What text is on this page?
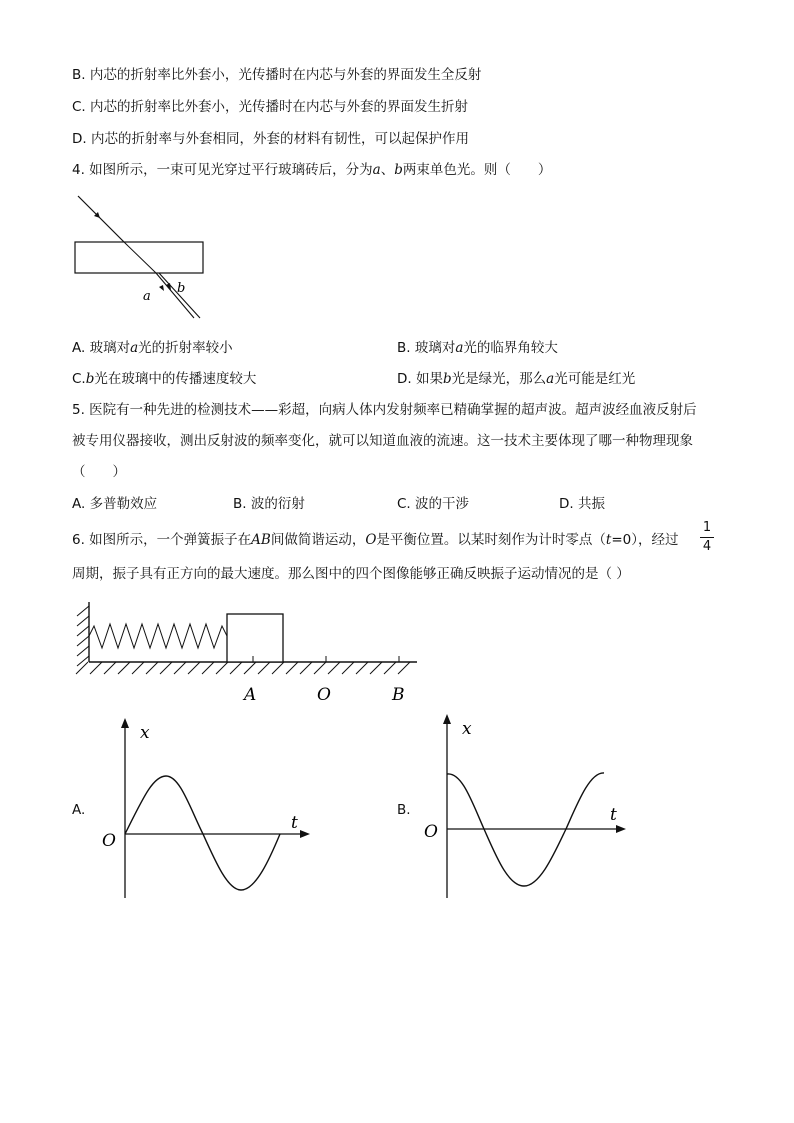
B. 内芯的折射率比外套小，光传播时在内芯与外套的界面发生全反射
C. 内芯的折射率比外套小，光传播时在内芯与外套的界面发生折射
D. 内芯的折射率与外套相同，外套的材料有韧性，可以起保护作用
4. 如图所示，一束可见光穿过平行玻璃砖后，分为a、b两束单色光。则（　　）
a
b
A. 玻璃对a光的折射率较小	B. 玻璃对a光的临界角较大
C.b光在玻璃中的传播速度较大	D. 如果b光是绿光，那么a光可能是红光
5. 医院有一种先进的检测技术——彩超，向病人体内发射频率已精确掌握的超声波。超声波经血液反射后
被专用仪器接收，测出反射波的频率变化，就可以知道血液的流速。这一技术主要体现了哪一种物理现象
（　　）
A. 多普勒效应	B. 波的衍射	C. 波的干涉	D. 共振
6. 如图所示，一个弹簧振子在AB间做简谐运动，O是平衡位置。以某时刻作为计时零点（t=0），经过
1
4
周期，振子具有正方向的最大速度。那么图中的四个图像能够正确反映振子运动情况的是（ ）
A	O	B
A.
x
t
O
B.
x
t
O
